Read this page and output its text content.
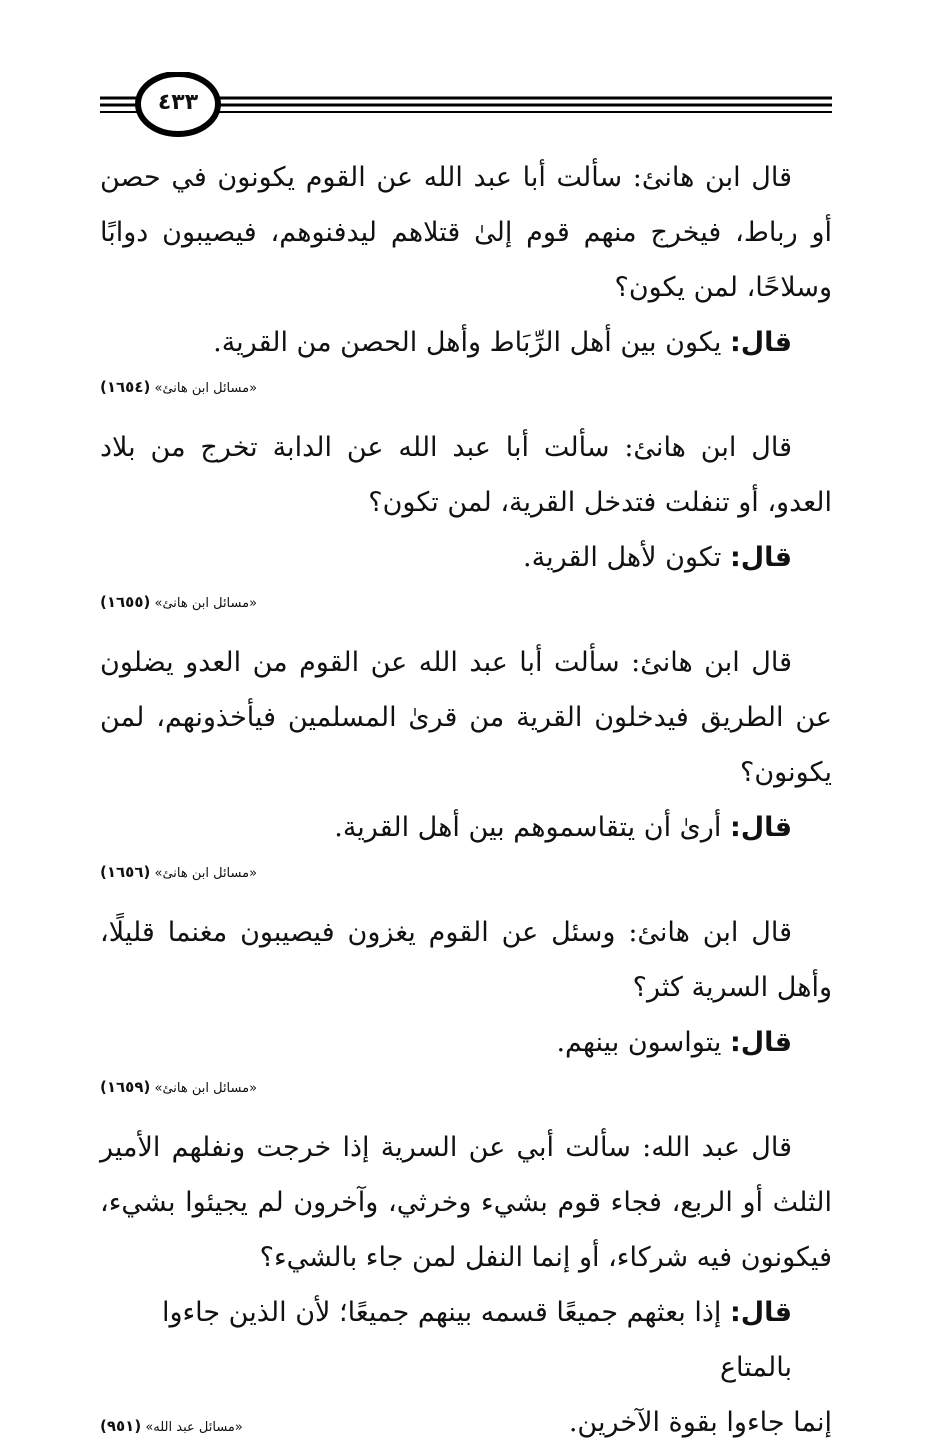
٤٣٣

قال ابن هانئ: سألت أبا عبد الله عن القوم يكونون في حصن أو رباط، فيخرج منهم قوم إلىٰ قتلاهم ليدفنوهم، فيصيبون دوابًا وسلاحًا، لمن يكون؟

قال: يكون بين أهل الرِّبَاط وأهل الحصن من القرية.

«مسائل ابن هانئ» (١٦٥٤)

قال ابن هانئ: سألت أبا عبد الله عن الدابة تخرج من بلاد العدو، أو تنفلت فتدخل القرية، لمن تكون؟

قال: تكون لأهل القرية.

«مسائل ابن هانئ» (١٦٥٥)

قال ابن هانئ: سألت أبا عبد الله عن القوم من العدو يضلون عن الطريق فيدخلون القرية من قرىٰ المسلمين فيأخذونهم، لمن يكونون؟

قال: أرىٰ أن يتقاسموهم بين أهل القرية.

«مسائل ابن هانئ» (١٦٥٦)

قال ابن هانئ: وسئل عن القوم يغزون فيصيبون مغنما قليلًا، وأهل السرية كثر؟

قال: يتواسون بينهم.

«مسائل ابن هانئ» (١٦٥٩)

قال عبد الله: سألت أبي عن السرية إذا خرجت ونفلهم الأمير الثلث أو الربع، فجاء قوم بشيء وخرثي، وآخرون لم يجيئوا بشيء، فيكونون فيه شركاء، أو إنما النفل لمن جاء بالشيء؟

قال: إذا بعثهم جميعًا قسمه بينهم جميعًا؛ لأن الذين جاءوا بالمتاع

إنما جاءوا بقوة الآخرين.
«مسائل عبد الله» (٩٥١)
